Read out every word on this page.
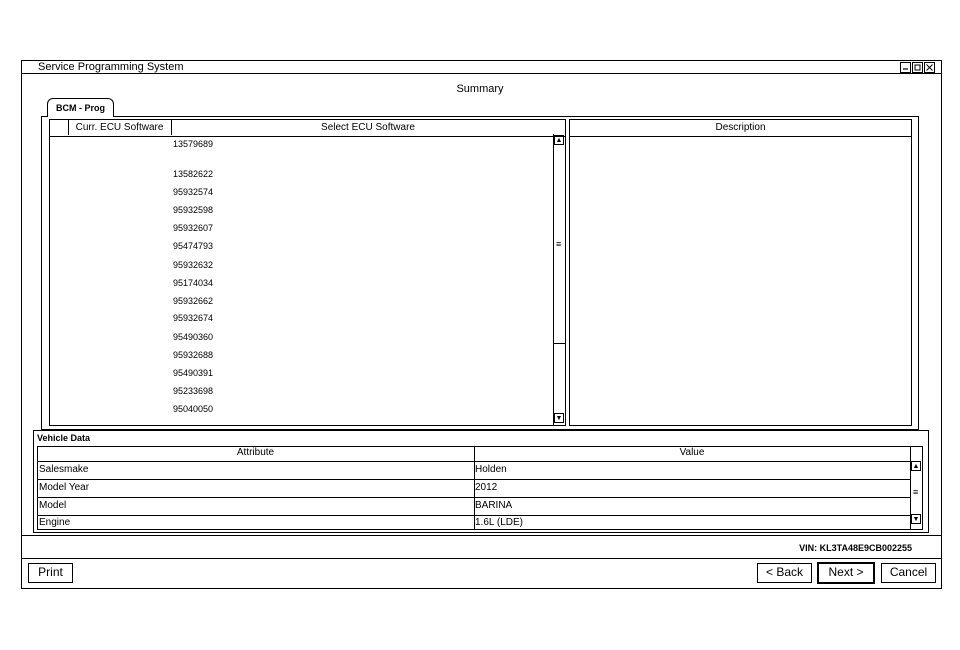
Service Programming System
Summary
BCM - Prog
Curr. ECU Software	Select ECU Software
13579689
13582622
95932574
95932598
95932607
95474793
95932632
95174034
95932662
95932674
95490360
95932688
95490391
95233698
95040050
▲
≡
▼
Description
Vehicle Data
Attribute	Value
Salesmake	Holden
Model Year	2012
Model	BARINA
Engine	1.6L (LDE)
▲
≡
▼
VIN: KL3TA48E9CB002255
Print	< Back	Next >	Cancel
